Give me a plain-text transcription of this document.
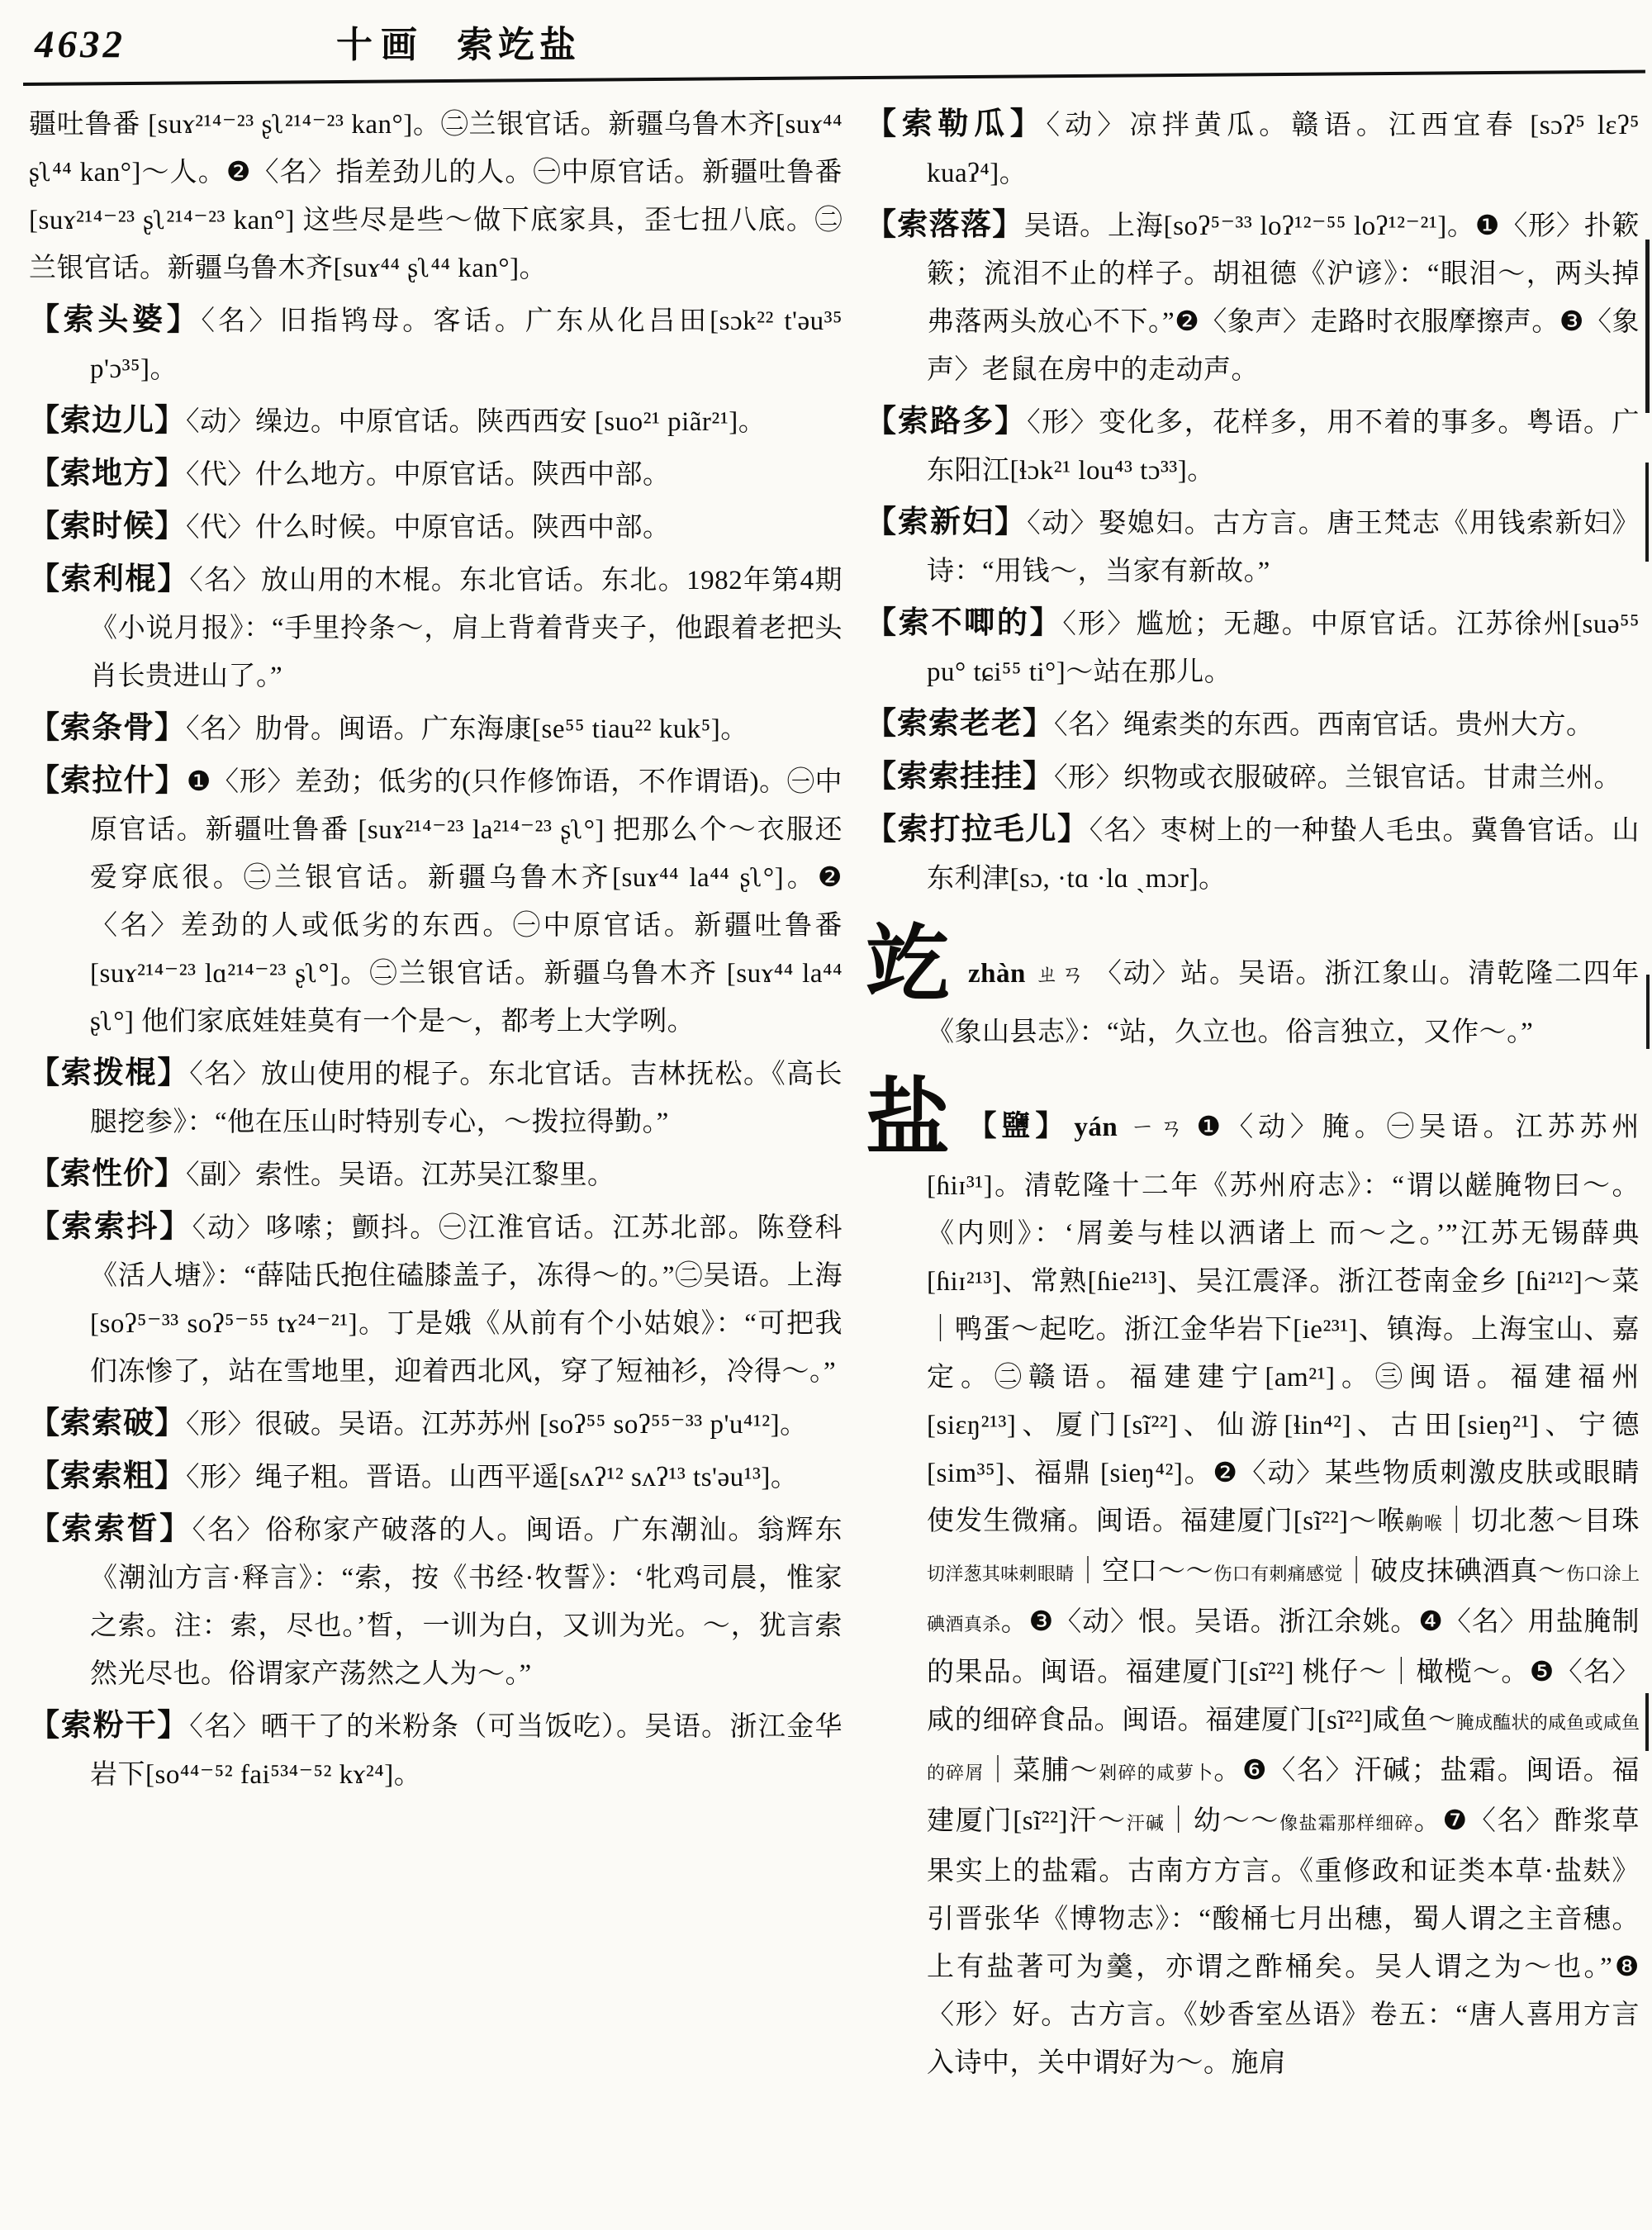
4632	十画 索䇄盐
疆吐鲁番 [suɤ²¹⁴⁻²³ ʂʅ²¹⁴⁻²³ kan°]。㊁兰银官话。新疆乌鲁木齐[suɤ⁴⁴ ʂʅ⁴⁴ kan°]～人。❷〈名〉指差劲儿的人。㊀中原官话。新疆吐鲁番[suɤ²¹⁴⁻²³ ʂʅ²¹⁴⁻²³ kan°] 这些尽是些～做下底家具，歪七扭八底。㊁兰银官话。新疆乌鲁木齐[suɤ⁴⁴ ʂʅ⁴⁴ kan°]。
【索头婆】〈名〉旧指鸨母。客话。广东从化吕田[sɔk²² t'əu³⁵ p'ɔ³⁵]。
【索边儿】〈动〉缲边。中原官话。陕西西安 [suo²¹ piãr²¹]。
【索地方】〈代〉什么地方。中原官话。陕西中部。
【索时候】〈代〉什么时候。中原官话。陕西中部。
【索利棍】〈名〉放山用的木棍。东北官话。东北。1982年第4期《小说月报》：“手里拎条～，肩上背着背夹子，他跟着老把头肖长贵进山了。”
【索条骨】〈名〉肋骨。闽语。广东海康[se⁵⁵ tiau²² kuk⁵]。
【索拉什】❶〈形〉差劲；低劣的(只作修饰语，不作谓语)。㊀中原官话。新疆吐鲁番 [suɤ²¹⁴⁻²³ la²¹⁴⁻²³ ʂʅ°] 把那么个～衣服还爱穿底很。㊁兰银官话。新疆乌鲁木齐[suɤ⁴⁴ la⁴⁴ ʂʅ°]。❷〈名〉差劲的人或低劣的东西。㊀中原官话。新疆吐鲁番 [suɤ²¹⁴⁻²³ lɑ²¹⁴⁻²³ ʂʅ°]。㊁兰银官话。新疆乌鲁木齐 [suɤ⁴⁴ la⁴⁴ ʂʅ°] 他们家底娃娃莫有一个是～，都考上大学咧。
【索拨棍】〈名〉放山使用的棍子。东北官话。吉林抚松。《高长腿挖参》：“他在压山时特别专心，～拨拉得勤。”
【索性价】〈副〉索性。吴语。江苏吴江黎里。
【索索抖】〈动〉哆嗦；颤抖。㊀江淮官话。江苏北部。陈登科《活人塘》：“薛陆氏抱住磕膝盖子，冻得～的。”㊁吴语。上海[soʔ⁵⁻³³ soʔ⁵⁻⁵⁵ tɤ²⁴⁻²¹]。丁是娥《从前有个小姑娘》：“可把我们冻惨了，站在雪地里，迎着西北风，穿了短袖衫，冷得～。”
【索索破】〈形〉很破。吴语。江苏苏州 [soʔ⁵⁵ soʔ⁵⁵⁻³³ p'u⁴¹²]。
【索索粗】〈形〉绳子粗。晋语。山西平遥[sʌʔ¹² sʌʔ¹³ ts'əu¹³]。
【索索晳】〈名〉俗称家产破落的人。闽语。广东潮汕。翁辉东《潮汕方言·释言》：“索，按《书经·牧誓》：‘牝鸡司晨，惟家之索。注：索，尽也。’晳，一训为白，又训为光。～，犹言索然光尽也。俗谓家产荡然之人为～。”
【索粉干】〈名〉晒干了的米粉条（可当饭吃）。吴语。浙江金华岩下[so⁴⁴⁻⁵² fai⁵³⁴⁻⁵² kɤ²⁴]。
【索勒瓜】〈动〉凉拌黄瓜。赣语。江西宜春 [sɔʔ⁵ lɛʔ⁵ kuaʔ⁴]。
【索落落】吴语。上海[soʔ⁵⁻³³ loʔ¹²⁻⁵⁵ loʔ¹²⁻²¹]。❶〈形〉扑簌簌；流泪不止的样子。胡祖德《沪谚》：“眼泪～，两头掉弗落两头放心不下。”❷〈象声〉走路时衣服摩擦声。❸〈象声〉老鼠在房中的走动声。
【索路多】〈形〉变化多，花样多，用不着的事多。粤语。广东阳江[ɬɔk²¹ lou⁴³ tɔ³³]。
【索新妇】〈动〉娶媳妇。古方言。唐王梵志《用钱索新妇》诗：“用钱～，当家有新故。”
【索不唧的】〈形〉尴尬；无趣。中原官话。江苏徐州[suə⁵⁵ pu° tɕi⁵⁵ ti°]～站在那儿。
【索索老老】〈名〉绳索类的东西。西南官话。贵州大方。
【索索挂挂】〈形〉织物或衣服破碎。兰银官话。甘肃兰州。
【索打拉毛儿】〈名〉枣树上的一种蛰人毛虫。冀鲁官话。山东利津[sɔ, ·tɑ ·lɑ ˏmɔr]。
䇄zhàn ㄓㄢ 〈动〉站。吴语。浙江象山。清乾隆二四年《象山县志》：“站，久立也。俗言独立，又作～。”
盐 【鹽】 yán ㄧㄢ ❶〈动〉腌。㊀吴语。江苏苏州[ɦiɪ³¹]。清乾隆十二年《苏州府志》：“谓以鹾腌物曰～。《内则》：‘屑姜与桂以洒诸上 而～之。’”江苏无锡薛典 [ɦiɪ²¹³]、常熟[ɦie²¹³]、吴江震泽。浙江苍南金乡 [ɦi²¹²]～菜｜鸭蛋～起吃。浙江金华岩下[ie²³¹]、镇海。上海宝山、嘉定。㊁赣语。福建建宁[am²¹]。㊂闽语。福建福州[siɛŋ²¹³]、厦门[sĩ²²]、仙游[ɬin⁴²]、古田[sieŋ²¹]、宁德[sim³⁵]、福鼎 [sieŋ⁴²]。❷〈动〉某些物质刺激皮肤或眼睛使发生微痛。闽语。福建厦门[sĩ²²]～喉齁喉｜切北葱～目珠切洋葱其味刺眼睛｜空口～～伤口有刺痛感觉｜破皮抹碘酒真～伤口涂上碘酒真杀。❸〈动〉恨。吴语。浙江余姚。❹〈名〉用盐腌制的果品。闽语。福建厦门[sĩ²²] 桃仔～｜橄榄～。❺〈名〉咸的细碎食品。闽语。福建厦门[sĩ²²]咸鱼～腌成醢状的咸鱼或咸鱼的碎屑｜菜脯～剁碎的咸萝卜。❻〈名〉汗碱；盐霜。闽语。福建厦门[sĩ²²]汗～汗碱｜幼～～像盐霜那样细碎。❼〈名〉酢浆草果实上的盐霜。古南方方言。《重修政和证类本草·盐麸》引晋张华《博物志》：“酸桶七月出穗，蜀人谓之主音穗。上有盐著可为羹，亦谓之酢桶矣。吴人谓之为～也。”❽〈形〉好。古方言。《妙香室丛语》卷五：“唐人喜用方言入诗中，关中谓好为～。施肩
